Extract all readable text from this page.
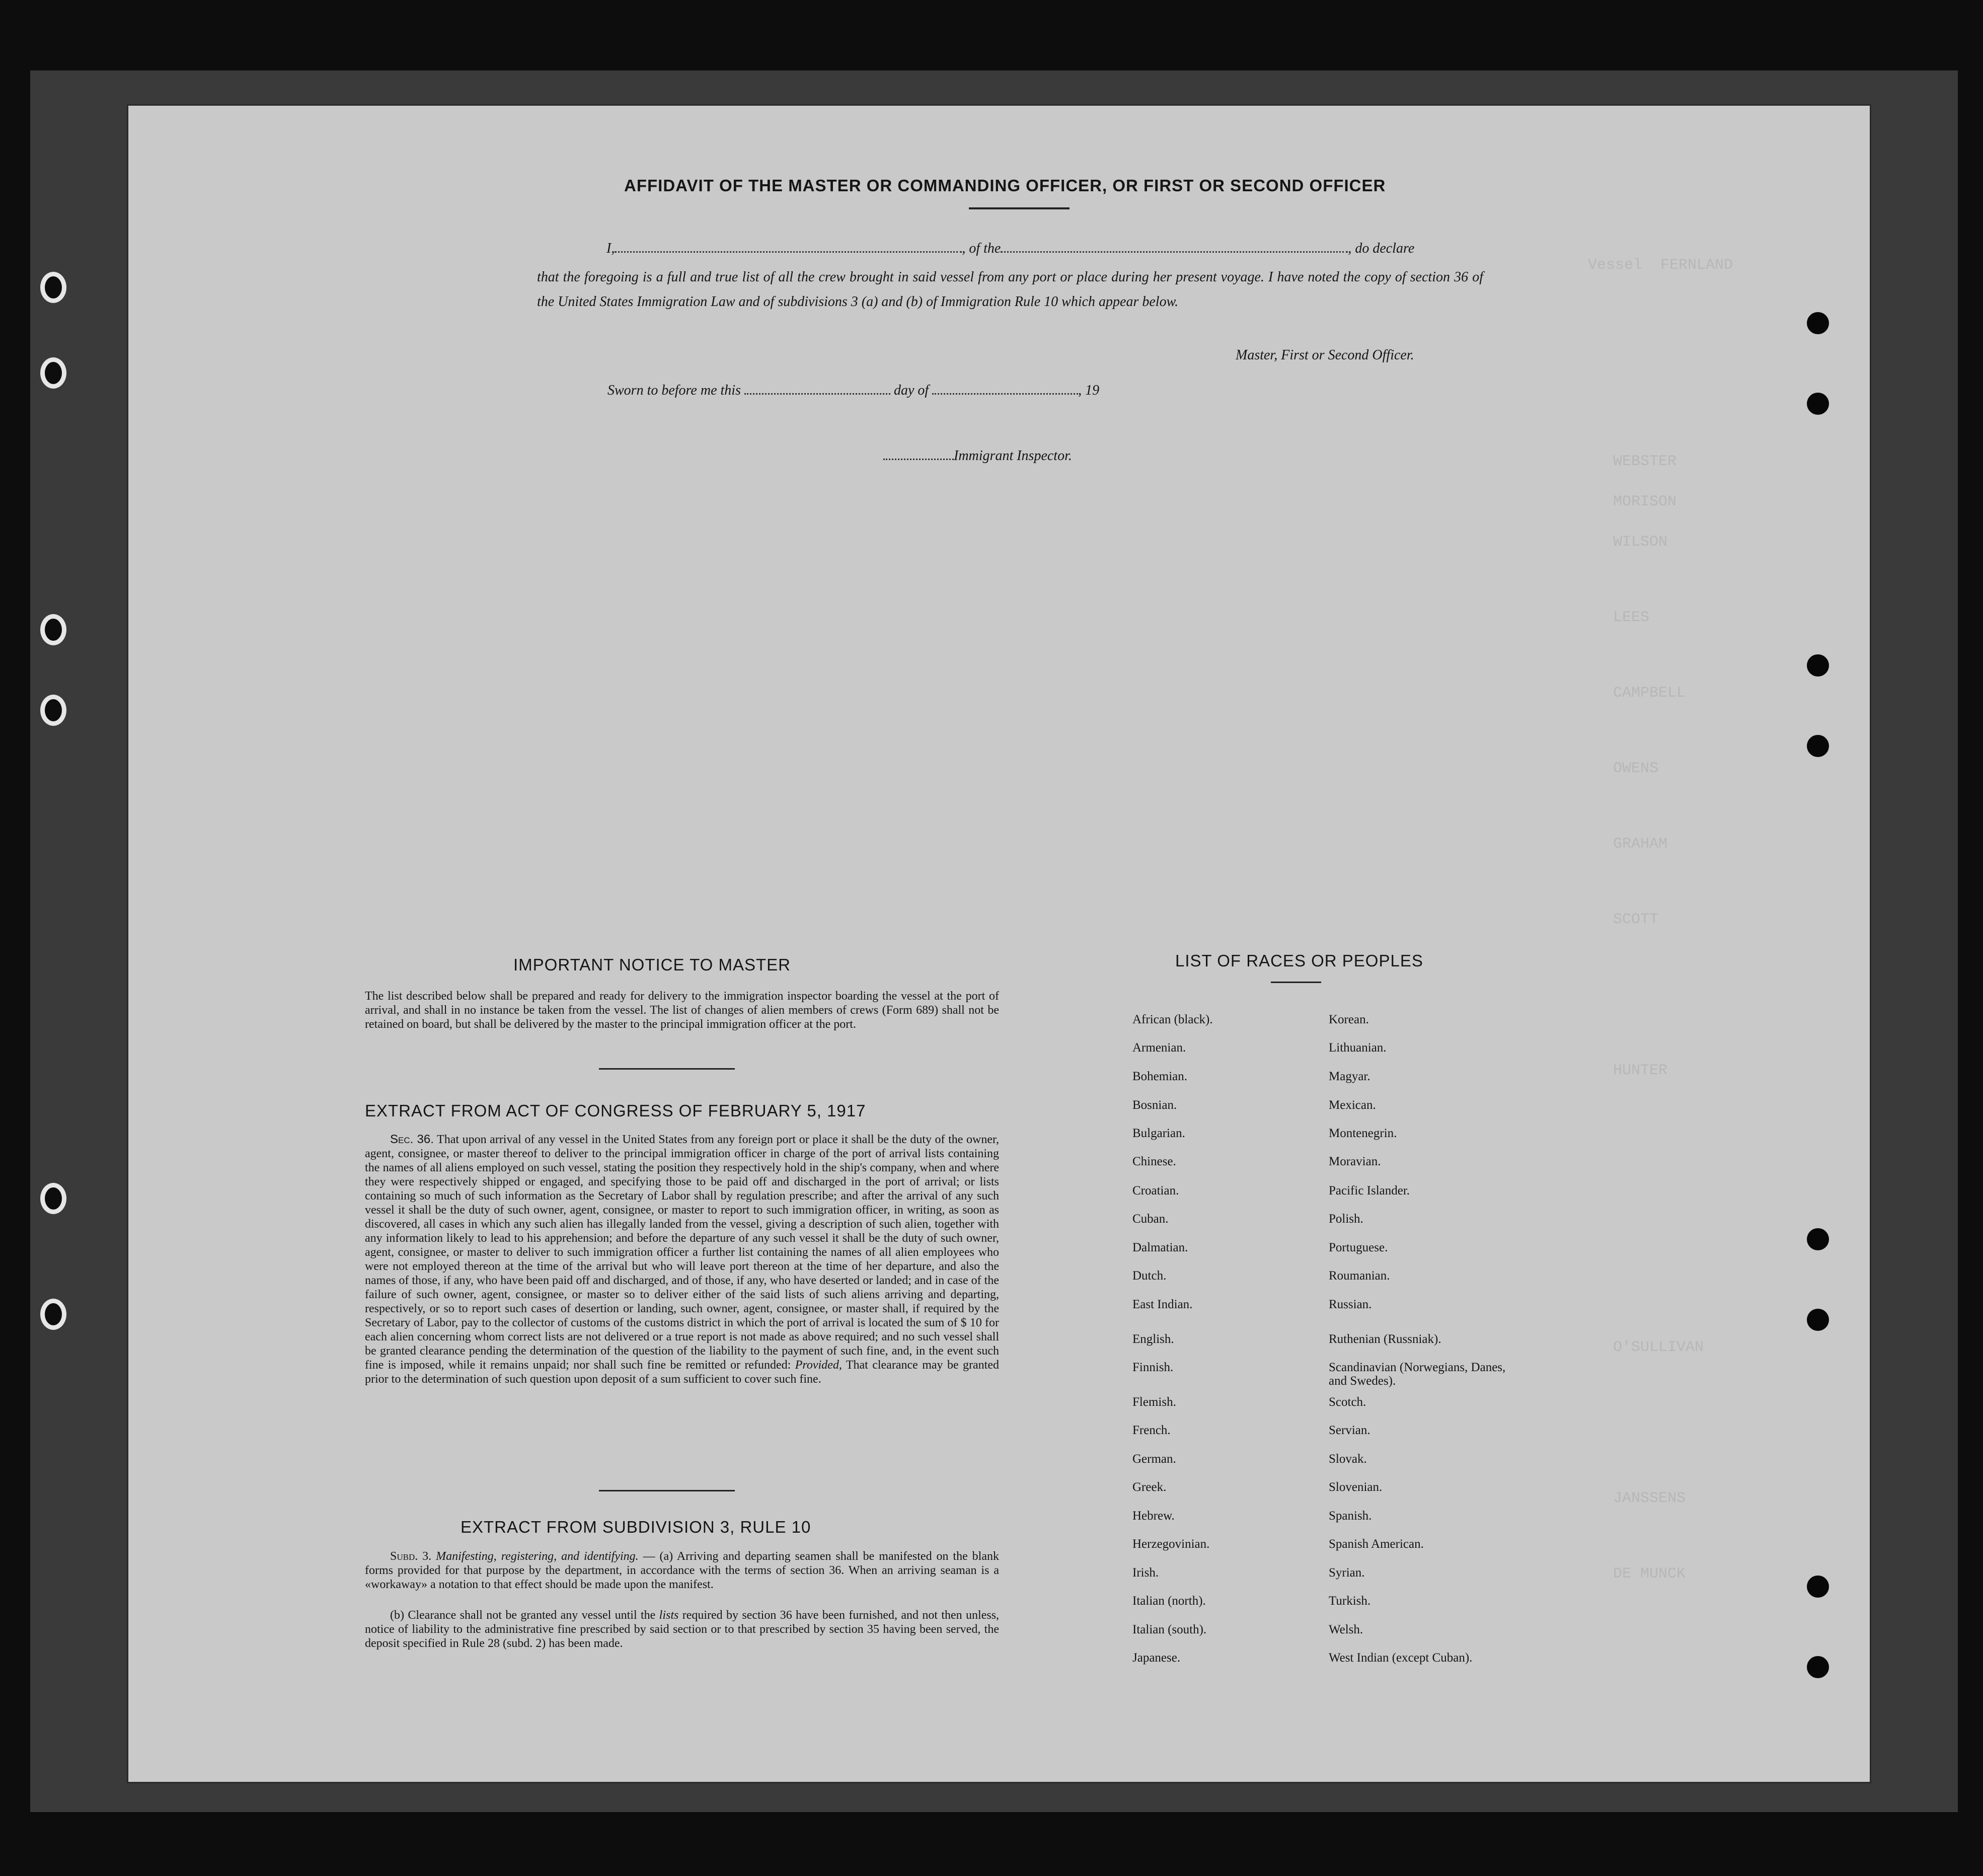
Vessel  FERNLAND
WEBSTER
MORISON
WILSON
LEES
CAMPBELL
OWENS
GRAHAM
SCOTT
HUNTER
O'SULLIVAN
JANSSENS
DE MUNCK
AFFIDAVIT OF THE MASTER OR COMMANDING OFFICER, OR FIRST OR SECOND OFFICER
I,	, of the	, do declare
that the foregoing is a full and true list of all the crew brought in said vessel from any port or place during her present voyage. I have noted the copy of section 36 of the United States Immigration Law and of subdivisions 3 (a) and (b) of Immigration Rule 10 which appear below.
Master, First or Second Officer.
Sworn to before me this	day of	, 19
Immigrant Inspector.
IMPORTANT NOTICE TO MASTER
The list described below shall be prepared and ready for delivery to the immigration inspector boarding the vessel at the port of arrival, and shall in no instance be taken from the vessel. The list of changes of alien members of crews (Form 689) shall not be retained on board, but shall be delivered by the master to the principal immigration officer at the port.
EXTRACT FROM ACT OF CONGRESS OF FEBRUARY 5, 1917
Sec. 36. That upon arrival of any vessel in the United States from any foreign port or place it shall be the duty of the owner, agent, consignee, or master thereof to deliver to the principal immigration officer in charge of the port of arrival lists containing the names of all aliens employed on such vessel, stating the position they respectively hold in the ship's company, when and where they were respectively shipped or engaged, and specifying those to be paid off and discharged in the port of arrival; or lists containing so much of such information as the Secretary of Labor shall by regulation prescribe; and after the arrival of any such vessel it shall be the duty of such owner, agent, consignee, or master to report to such immigration officer, in writing, as soon as discovered, all cases in which any such alien has illegally landed from the vessel, giving a description of such alien, together with any information likely to lead to his apprehension; and before the departure of any such vessel it shall be the duty of such owner, agent, consignee, or master to deliver to such immigration officer a further list containing the names of all alien employees who were not employed thereon at the time of the arrival but who will leave port thereon at the time of her departure, and also the names of those, if any, who have been paid off and discharged, and of those, if any, who have deserted or landed; and in case of the failure of such owner, agent, consignee, or master so to deliver either of the said lists of such aliens arriving and departing, respectively, or so to report such cases of desertion or landing, such owner, agent, consignee, or master shall, if required by the Secretary of Labor, pay to the collector of customs of the customs district in which the port of arrival is located the sum of $ 10 for each alien concerning whom correct lists are not delivered or a true report is not made as above required; and no such vessel shall be granted clearance pending the determination of the question of the liability to the payment of such fine, and, in the event such fine is imposed, while it remains unpaid; nor shall such fine be remitted or refunded: Provided, That clearance may be granted prior to the determination of such question upon deposit of a sum sufficient to cover such fine.
EXTRACT FROM SUBDIVISION 3, RULE 10
Subd. 3. Manifesting, registering, and identifying. — (a) Arriving and departing seamen shall be manifested on the blank forms provided for that purpose by the department, in accordance with the terms of section 36. When an arriving seaman is a «workaway» a notation to that effect should be made upon the manifest.
(b) Clearance shall not be granted any vessel until the lists required by section 36 have been furnished, and not then unless, notice of liability to the administrative fine prescribed by said section or to that prescribed by section 35 having been served, the deposit specified in Rule 28 (subd. 2) has been made.
LIST OF RACES OR PEOPLES
African (black).
Armenian.
Bohemian.
Bosnian.
Bulgarian.
Chinese.
Croatian.
Cuban.
Dalmatian.
Dutch.
East Indian.
English.
Finnish.
Flemish.
French.
German.
Greek.
Hebrew.
Herzegovinian.
Irish.
Italian (north).
Italian (south).
Japanese.
Korean.
Lithuanian.
Magyar.
Mexican.
Montenegrin.
Moravian.
Pacific Islander.
Polish.
Portuguese.
Roumanian.
Russian.
Ruthenian (Russniak).
Scandinavian (Norwegians, Danes, and Swedes).
Scotch.
Servian.
Slovak.
Slovenian.
Spanish.
Spanish American.
Syrian.
Turkish.
Welsh.
West Indian (except Cuban).
